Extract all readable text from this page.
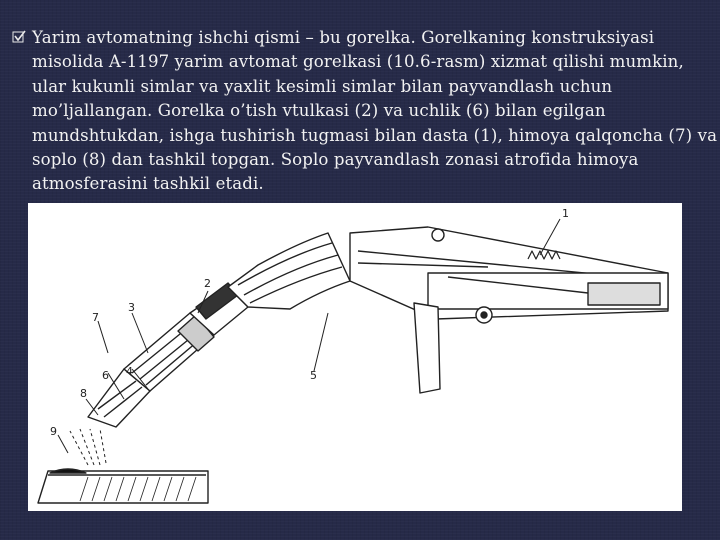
Yarim avtomatning ishchi qismi – bu gorelka. Gorelkaning konstruksiyasi misolida A-1197 yarim avtomat gorelkasi (10.6-rasm) xizmat qilishi mumkin, ular kukunli simlar va yaxlit kesimli simlar bilan payvandlash uchun mo’ljallangan. Gorelka o’tish vtulkasi (2) va uchlik (6) bilan egilgan mundshtukdan, ishga tushirish tugmasi bilan dasta (1), himoya qalqoncha (7) va soplo (8) dan tashkil topgan. Soplo payvandlash zonasi atrofida himoya atmosferasini tashkil etadi.
1
2
3
4	5
6
7
8
9
